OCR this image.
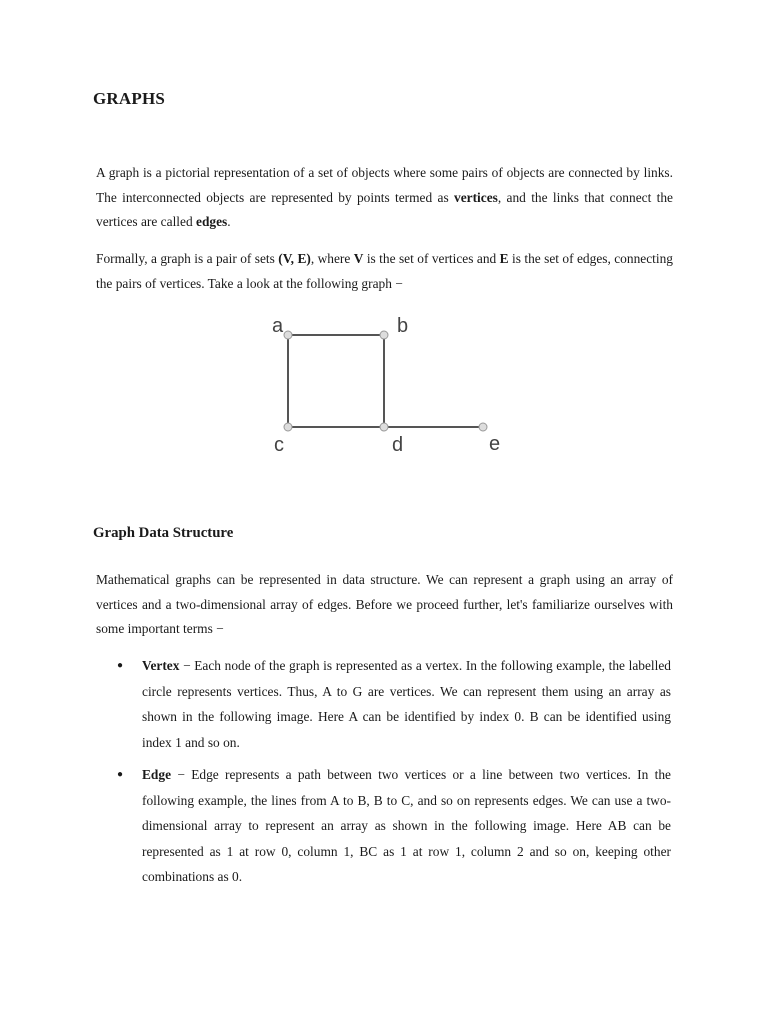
GRAPHS

A graph is a pictorial representation of a set of objects where some pairs of objects are connected by links. The interconnected objects are represented by points termed as vertices, and the links that connect the vertices are called edges.

Formally, a graph is a pair of sets (V, E), where V is the set of vertices and E is the set of edges, connecting the pairs of vertices. Take a look at the following graph −

a	b
c	d	e
Graph Data Structure

Mathematical graphs can be represented in data structure. We can represent a graph using an array of vertices and a two-dimensional array of edges. Before we proceed further, let's familiarize ourselves with some important terms −

● Vertex − Each node of the graph is represented as a vertex. In the following example, the labelled circle represents vertices. Thus, A to G are vertices. We can represent them using an array as shown in the following image. Here A can be identified by index 0. B can be identified using index 1 and so on.
● Edge − Edge represents a path between two vertices or a line between two vertices. In the following example, the lines from A to B, B to C, and so on represents edges. We can use a two-dimensional array to represent an array as shown in the following image. Here AB can be represented as 1 at row 0, column 1, BC as 1 at row 1, column 2 and so on, keeping other combinations as 0.
